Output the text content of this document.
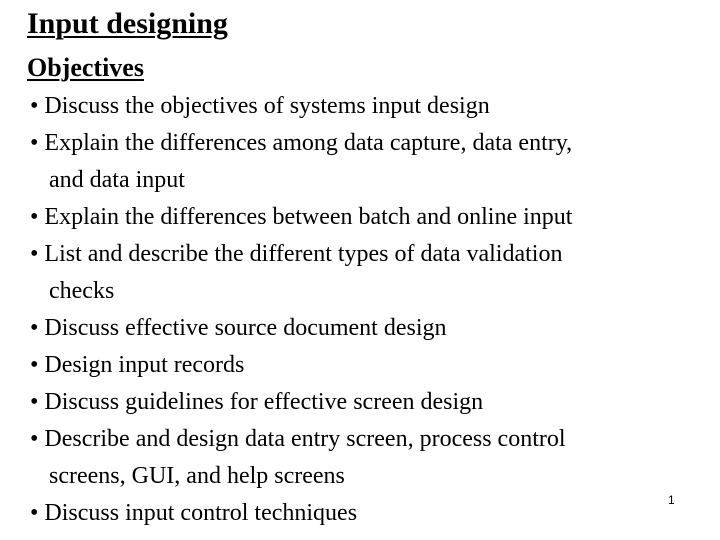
Input designing
Objectives
• Discuss the objectives of systems input design
• Explain the differences among data capture, data entry,
and data input
• Explain the differences between batch and online input
• List and describe the different types of data validation
checks
• Discuss effective source document design
• Design input records
• Discuss guidelines for effective screen design
• Describe and design data entry screen, process control
screens, GUI, and help screens
• Discuss input control techniques	1
